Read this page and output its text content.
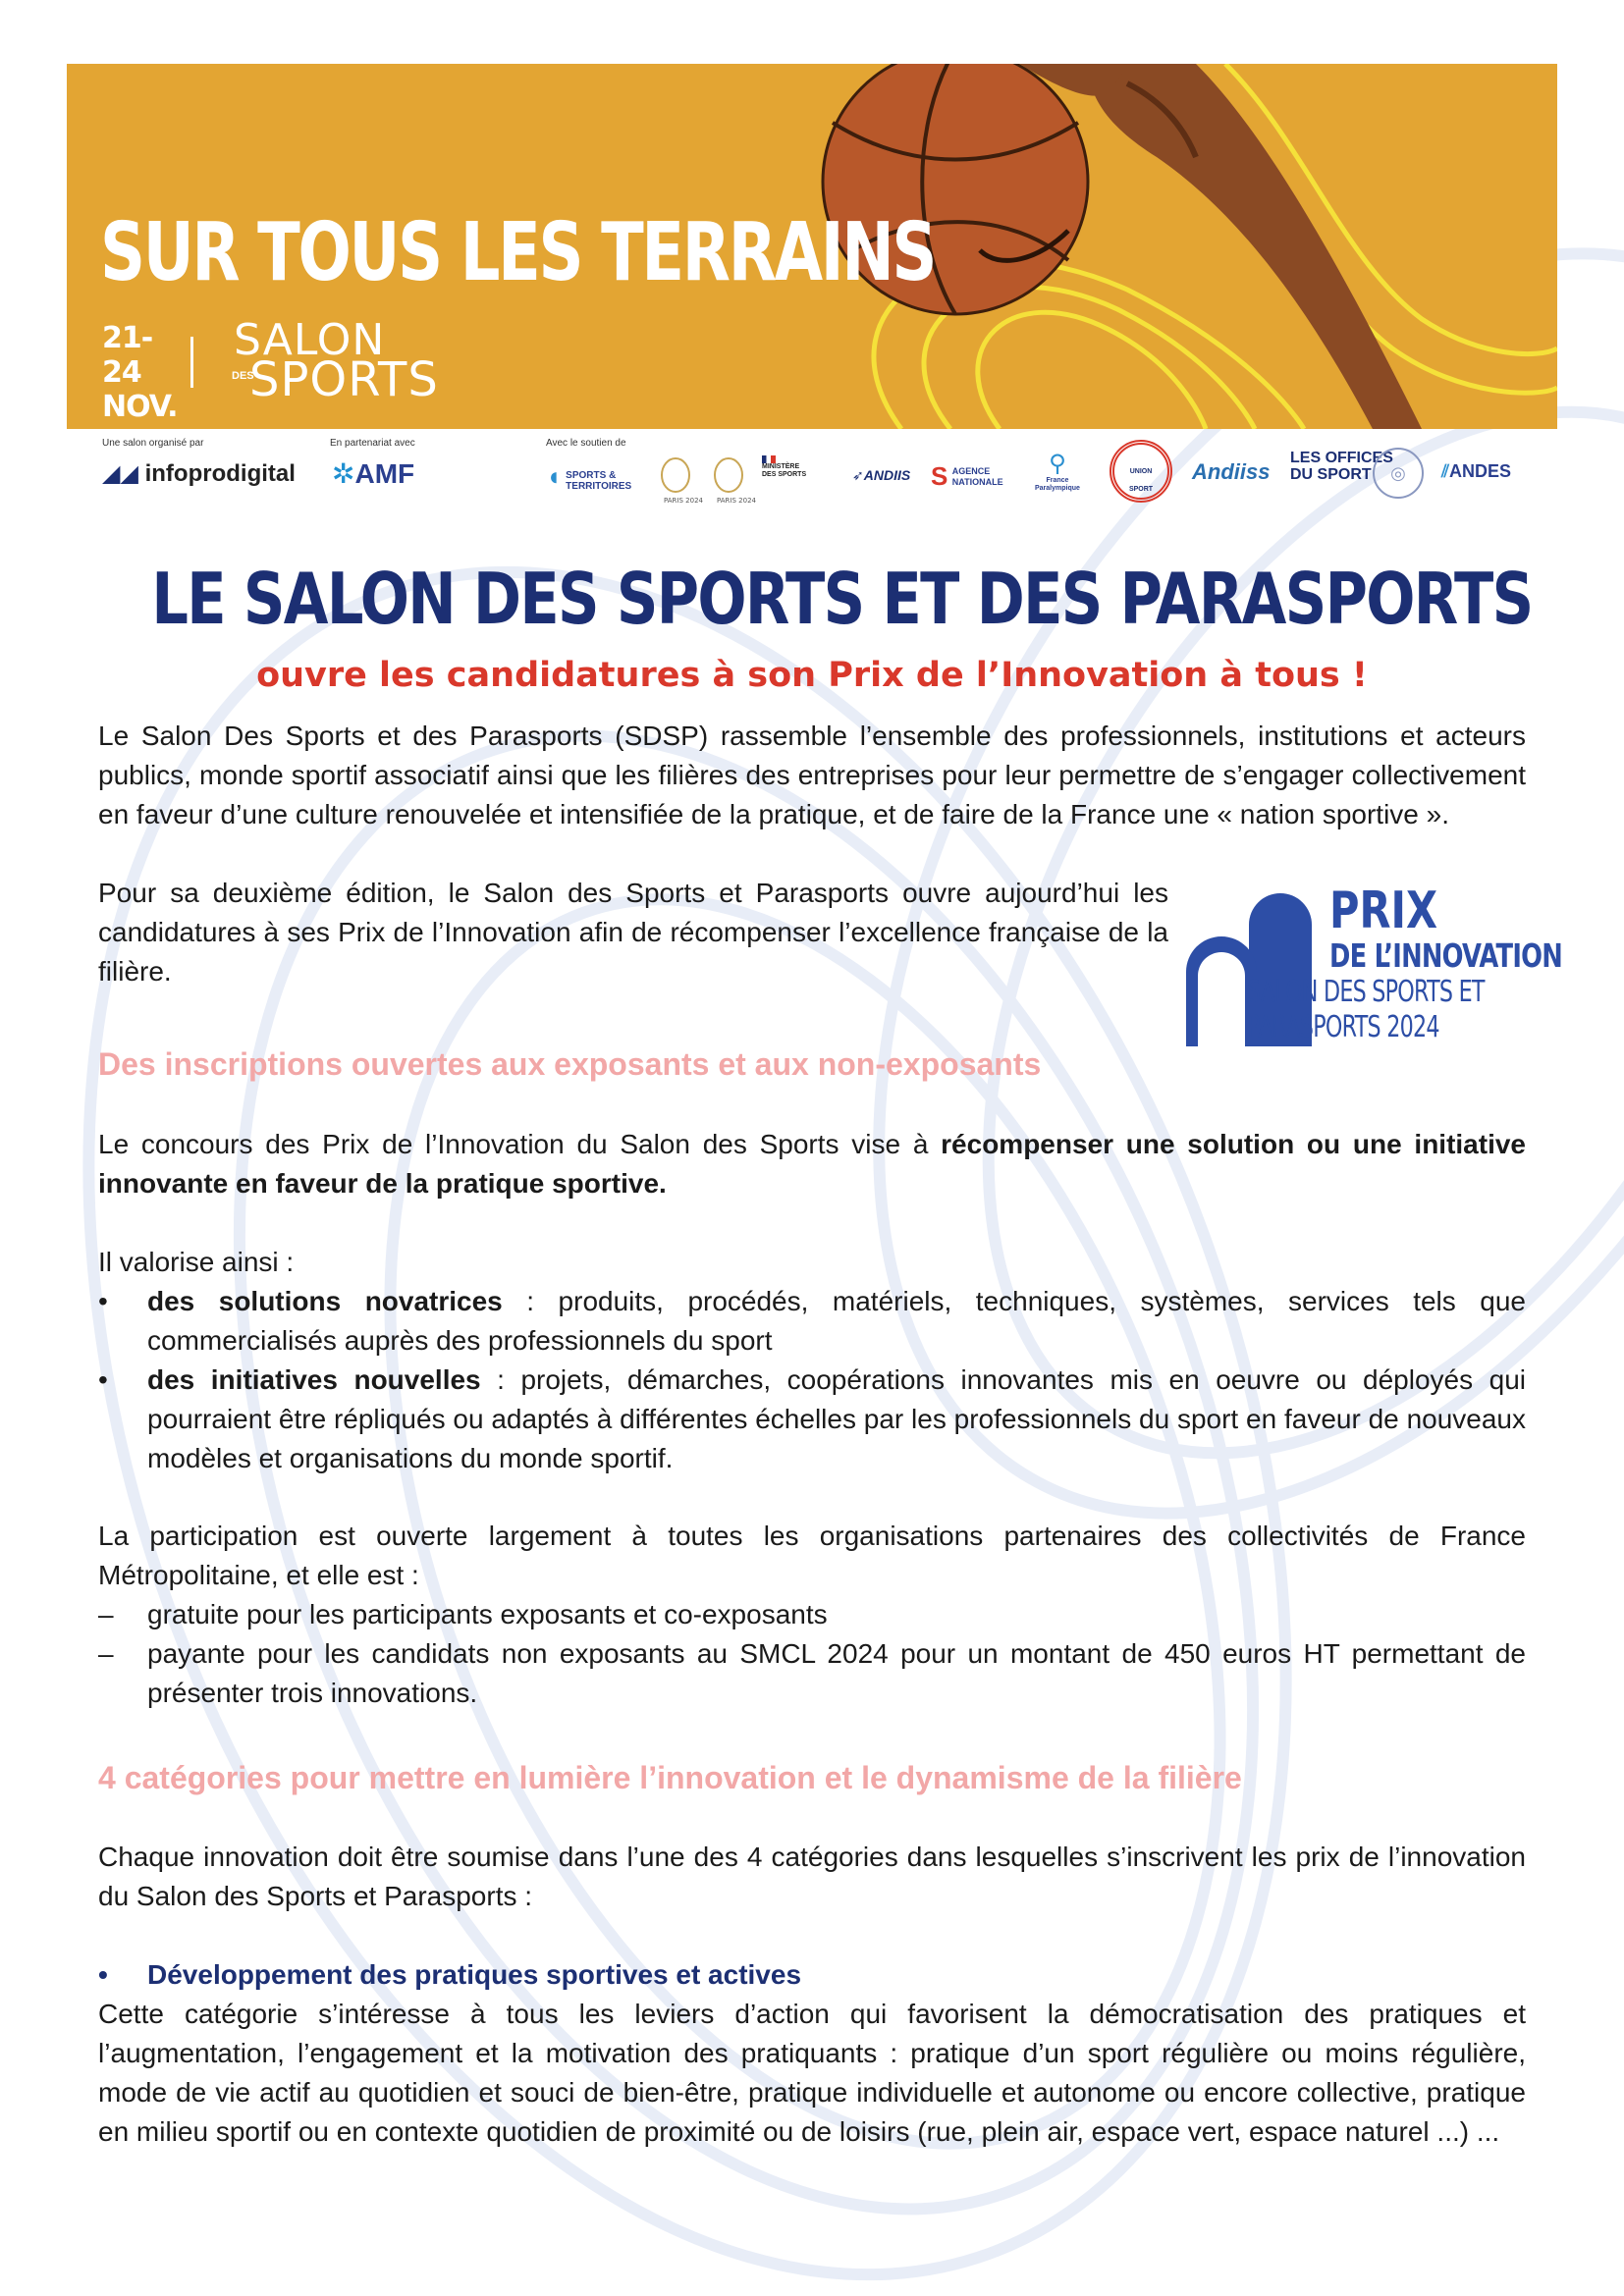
SUR TOUS LES TERRAINS
21-24
NOV.
SALON
DES
SPORTS
Une salon organisé par
◢◢ infoprodigital
En partenariat avec
✲AMF
Avec le soutien de
◖ SPORTS &
TERRITOIRES
PARIS 2024 PARIS 2024
MINISTÈRE
DES SPORTS	➶ANDIIS S AGENCE
NATIONALE
⚲
France
Paralympique
UNION
SPORT
Andiiss
LES OFFICES
DU SPORT	◎	⫽ANDES
LE SALON DES SPORTS ET DES PARASPORTS
ouvre les candidatures à son Prix de l’Innovation à tous !
Le Salon Des Sports et des Parasports (SDSP) rassemble l’ensemble des professionnels, institutions et acteurs publics, monde sportif associatif ainsi que les filières des entreprises pour leur permettre de s’engager collectivement en faveur d’une culture renouvelée et intensifiée de la pratique, et de faire de la France une « nation sportive ».
Pour sa deuxième édition, le Salon des Sports et Parasports ouvre aujourd’hui les candidatures à ses Prix de l’Innovation afin de récompenser l’excellence française de la filière.
PRIX
DE L’INNOVATION
SALON DES SPORTS ET
PARASPORTS 2024
Des inscriptions ouvertes aux exposants et aux non-exposants
Le concours des Prix de l’Innovation du Salon des Sports vise à récompenser une solution ou une initiative innovante en faveur de la pratique sportive.
Il valorise ainsi :
•	des solutions novatrices : produits, procédés, matériels, techniques, systèmes, services tels que commercialisés auprès des professionnels du sport
•	des initiatives nouvelles : projets, démarches, coopérations innovantes mis en oeuvre ou déployés qui pourraient être répliqués ou adaptés à différentes échelles par les professionnels du sport en faveur de nouveaux modèles et organisations du monde sportif.
La participation est ouverte largement à toutes les organisations partenaires des collectivités de France Métropolitaine, et elle est :
–	gratuite pour les participants exposants et co-exposants
–	payante pour les candidats non exposants au SMCL 2024 pour un montant de 450 euros HT permettant de présenter trois innovations.
4 catégories pour mettre en lumière l’innovation et le dynamisme de la filière
Chaque innovation doit être soumise dans l’une des 4 catégories dans lesquelles s’inscrivent les prix de l’innovation du Salon des Sports et Parasports :
•	Développement des pratiques sportives et actives
Cette catégorie s’intéresse à tous les leviers d’action qui favorisent la démocratisation des pratiques et l’augmentation, l’engagement et la motivation des pratiquants : pratique d’un sport régulière ou moins régulière, mode de vie actif au quotidien et souci de bien-être, pratique individuelle et autonome ou encore collective, pratique en milieu sportif ou en contexte quotidien de proximité ou de loisirs (rue, plein air, espace vert, espace naturel ...) ...
